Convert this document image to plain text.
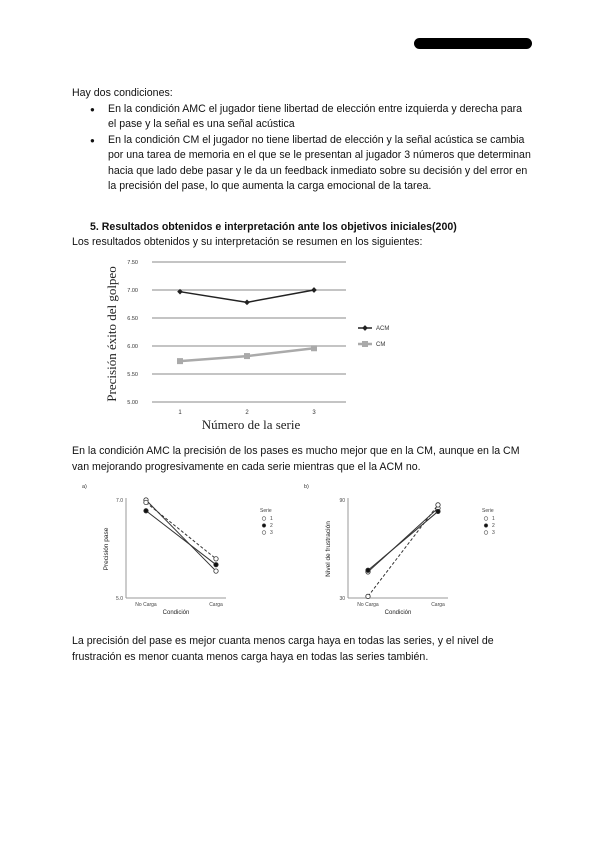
Hay dos condiciones:
● En la condición AMC el jugador tiene libertad de elección entre izquierda y derecha para el pase y la señal es una señal acústica
● En la condición CM el jugador no tiene libertad de elección y la señal acústica se cambia por una tarea de memoria en el que se le presentan al jugador 3 números que determinan hacia que lado debe pasar y le da un feedback inmediato sobre su decisión y del error en la precisión del pase, lo que aumenta la carga emocional de la tarea.
5. Resultados obtenidos e interpretación ante los objetivos iniciales(200)
Los resultados obtenidos y su interpretación se resumen en los siguientes:
5.00
5.50
6.00
6.50
7.00
7.50
1	2	3
ACM
CM
Número de la serie
Precisión éxito del golpeo
En la condición AMC la precisión de los pases es mucho mejor que en la CM, aunque en la CM van mejorando progresivamente en cada serie mientras que el la ACM no.
a)
5.0
7.0
No Carga	Carga
Condición
Precisión pase
Serie
1
2
3
b)
30
90
No Carga	Carga
Condición
Nivel de frustración
Serie
1
2
3
La precisión del pase es mejor cuanta menos carga haya en todas las series, y el nivel de frustración es menor cuanta menos carga haya en todas las series también.
